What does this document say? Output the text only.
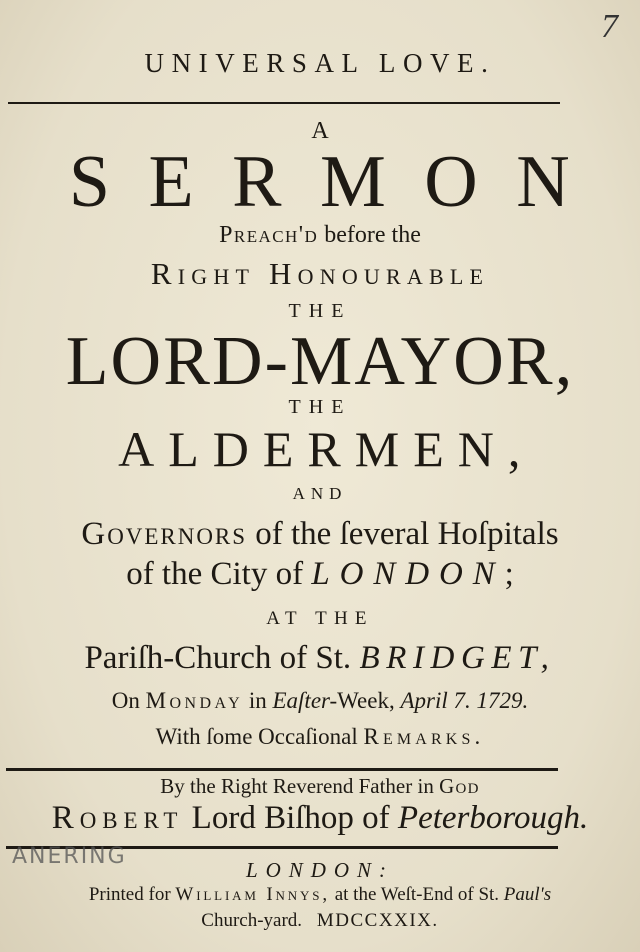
7
UNIVERSAL LOVE.
A
SERMON
Preach'd before the
Right Honourable
THE
LORD-MAYOR,
THE
ALDERMEN,
AND
Governors of the ſeveral Hoſpitals
of the City of LONDON;
AT THE
Pariſh-Church of St. BRIDGET,
On Monday in Eaſter-Week, April 7. 1729.
With ſome Occaſional Remarks.
By the Right Reverend Father in God
Robert Lord Biſhop of Peterborough.
ANERING
LONDON:
Printed for William Innys, at the Weſt-End of St. Paul's
Church-yard. MDCCXXIX.
